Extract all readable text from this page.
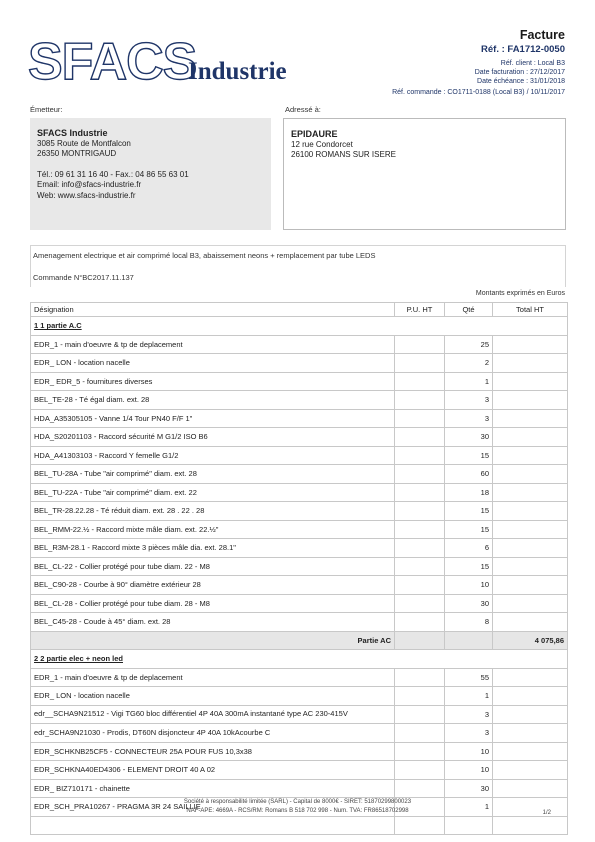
SFACS
Industrie
Facture
Réf. : FA1712-0050
Réf. client : Local B3
Date facturation : 27/12/2017
Date échéance : 31/01/2018
Réf. commande : CO1711-0188 (Local B3) / 10/11/2017
Émetteur:	Adressé à:
SFACS Industrie
3085 Route de Montfalcon
26350 MONTRIGAUD
Tél.: 09 61 31 16 40 - Fax.: 04 86 55 63 01
Email: info@sfacs-industrie.fr
Web: www.sfacs-industrie.fr
EPIDAURE
12 rue Condorcet
26100 ROMANS SUR ISERE
Amenagement electrique et air comprimé local B3, abaissement neons + remplacement par tube LEDS
Commande N°BC2017.11.137
Montants exprimés en Euros
Désignation	P.U. HT	Qté	Total HT
1 1 partie A.C			
EDR_1 - main d'oeuvre & tp de deplacement		25	
EDR_ LON - location nacelle		2	
EDR_ EDR_5 - fournitures diverses		1	
BEL_TE-28 - Té égal diam. ext. 28		3	
HDA_A35305105 - Vanne 1/4 Tour PN40 F/F 1"		3	
HDA_S20201103 - Raccord sécurité M G1/2 ISO B6		30	
HDA_A41303103 - Raccord Y femelle G1/2		15	
BEL_TU-28A - Tube "air comprimé" diam. ext. 28		60	
BEL_TU-22A - Tube "air comprimé" diam. ext. 22		18	
BEL_TR-28.22.28 - Té réduit diam. ext. 28 . 22 . 28		15	
BEL_RMM-22.½ - Raccord mixte mâle diam. ext. 22.½"		15	
BEL_R3M-28.1 - Raccord mixte 3 pièces mâle dia. ext. 28.1"		6	
BEL_CL-22 - Collier protégé pour tube diam. 22 - M8		15	
BEL_C90-28 - Courbe à 90° diamètre extérieur 28		10	
BEL_CL-28 - Collier protégé pour tube diam. 28 - M8		30	
BEL_C45-28 - Coude à 45° diam. ext. 28		8	
Partie AC			4 075,86
2 2 partie elec + neon led			
EDR_1 - main d'oeuvre & tp de deplacement		55	
EDR_ LON - location nacelle		1	
edr__SCHA9N21512 - Vigi TG60 bloc différentiel 4P 40A 300mA instantané type AC 230-415V		3	
edr_SCHA9N21030 - Prodis, DT60N disjoncteur 4P 40A 10kAcourbe C		3	
EDR_SCHKNB25CF5 - CONNECTEUR 25A POUR FUS 10,3x38		10	
EDR_SCHKNA40ED4306 - ELEMENT DROIT 40 A 02		10	
EDR_ BIZ710171 - chainette		30	
EDR_SCH_PRA10267 - PRAGMA 3R 24 SAILLIE		1	

Société à responsabilité limitée (SARL) - Capital de 8000€ - SIRET: 51870299800023
NAF-APE: 4669A - RCS/RM: Romans B 518 702 998 - Num. TVA: FR86518702998	1/2
